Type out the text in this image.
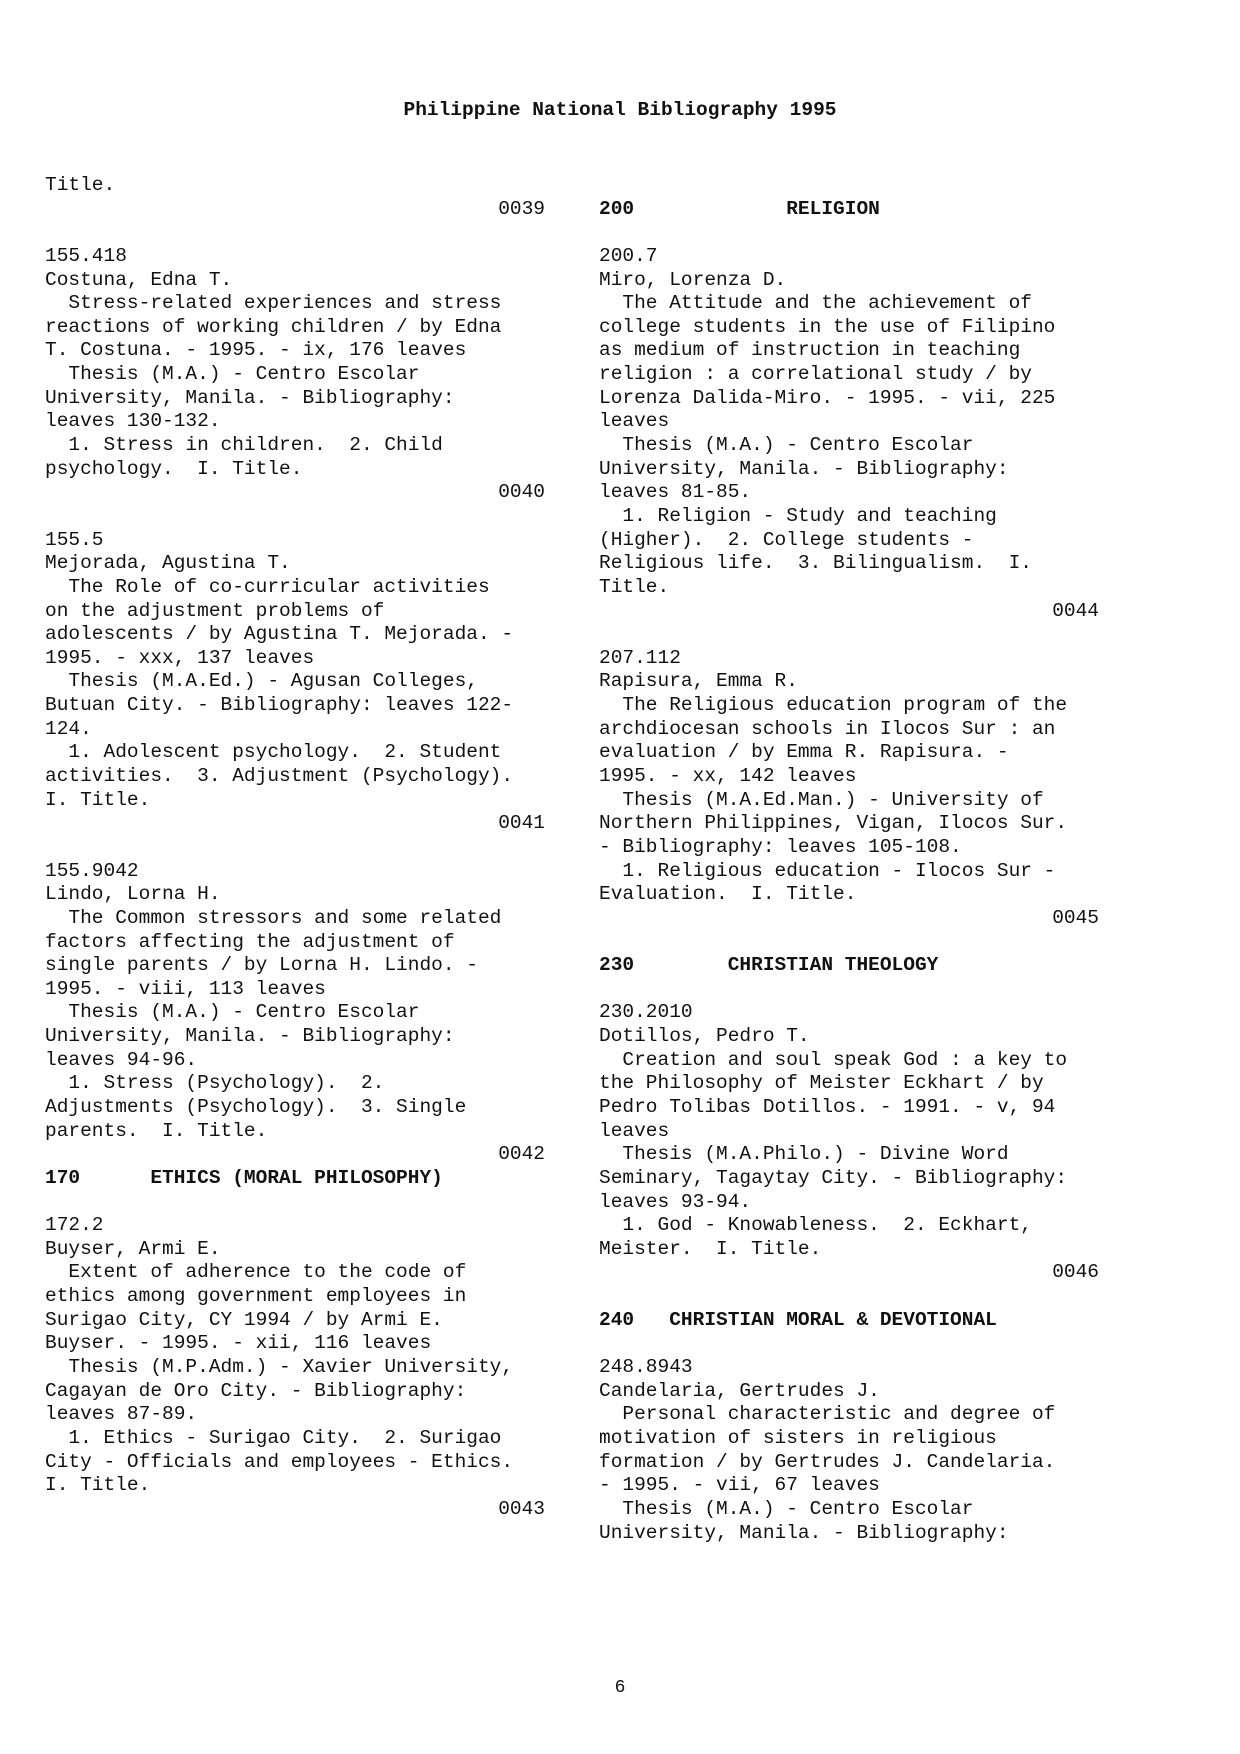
Philippine National Bibliography 1995
Title.
0039
155.418
Costuna, Edna T.
Stress-related experiences and stress
reactions of working children / by Edna
T. Costuna. - 1995. - ix, 176 leaves
Thesis (M.A.) - Centro Escolar
University, Manila. - Bibliography:
leaves 130-132.
1. Stress in children.  2. Child
psychology.  I. Title.
0040
155.5
Mejorada, Agustina T.
The Role of co-curricular activities
on the adjustment problems of
adolescents / by Agustina T. Mejorada. -
1995. - xxx, 137 leaves
Thesis (M.A.Ed.) - Agusan Colleges,
Butuan City. - Bibliography: leaves 122-
124.
1. Adolescent psychology.  2. Student
activities.  3. Adjustment (Psychology).
I. Title.
0041
155.9042
Lindo, Lorna H.
The Common stressors and some related
factors affecting the adjustment of
single parents / by Lorna H. Lindo. -
1995. - viii, 113 leaves
Thesis (M.A.) - Centro Escolar
University, Manila. - Bibliography:
leaves 94-96.
1. Stress (Psychology).  2.
Adjustments (Psychology).  3. Single
parents.  I. Title.
0042
170      ETHICS (MORAL PHILOSOPHY)
172.2
Buyser, Armi E.
Extent of adherence to the code of
ethics among government employees in
Surigao City, CY 1994 / by Armi E.
Buyser. - 1995. - xii, 116 leaves
Thesis (M.P.Adm.) - Xavier University,
Cagayan de Oro City. - Bibliography:
leaves 87-89.
1. Ethics - Surigao City.  2. Surigao
City - Officials and employees - Ethics.
I. Title.
0043
200             RELIGION
200.7
Miro, Lorenza D.
The Attitude and the achievement of
college students in the use of Filipino
as medium of instruction in teaching
religion : a correlational study / by
Lorenza Dalida-Miro. - 1995. - vii, 225
leaves
Thesis (M.A.) - Centro Escolar
University, Manila. - Bibliography:
leaves 81-85.
1. Religion - Study and teaching
(Higher).  2. College students -
Religious life.  3. Bilingualism.  I.
Title.
0044
207.112
Rapisura, Emma R.
The Religious education program of the
archdiocesan schools in Ilocos Sur : an
evaluation / by Emma R. Rapisura. -
1995. - xx, 142 leaves
Thesis (M.A.Ed.Man.) - University of
Northern Philippines, Vigan, Ilocos Sur.
- Bibliography: leaves 105-108.
1. Religious education - Ilocos Sur -
Evaluation.  I. Title.
0045
230        CHRISTIAN THEOLOGY
230.2010
Dotillos, Pedro T.
Creation and soul speak God : a key to
the Philosophy of Meister Eckhart / by
Pedro Tolibas Dotillos. - 1991. - v, 94
leaves
Thesis (M.A.Philo.) - Divine Word
Seminary, Tagaytay City. - Bibliography:
leaves 93-94.
1. God - Knowableness.  2. Eckhart,
Meister.  I. Title.
0046
240   CHRISTIAN MORAL & DEVOTIONAL
248.8943
Candelaria, Gertrudes J.
Personal characteristic and degree of
motivation of sisters in religious
formation / by Gertrudes J. Candelaria.
- 1995. - vii, 67 leaves
Thesis (M.A.) - Centro Escolar
University, Manila. - Bibliography:
6
